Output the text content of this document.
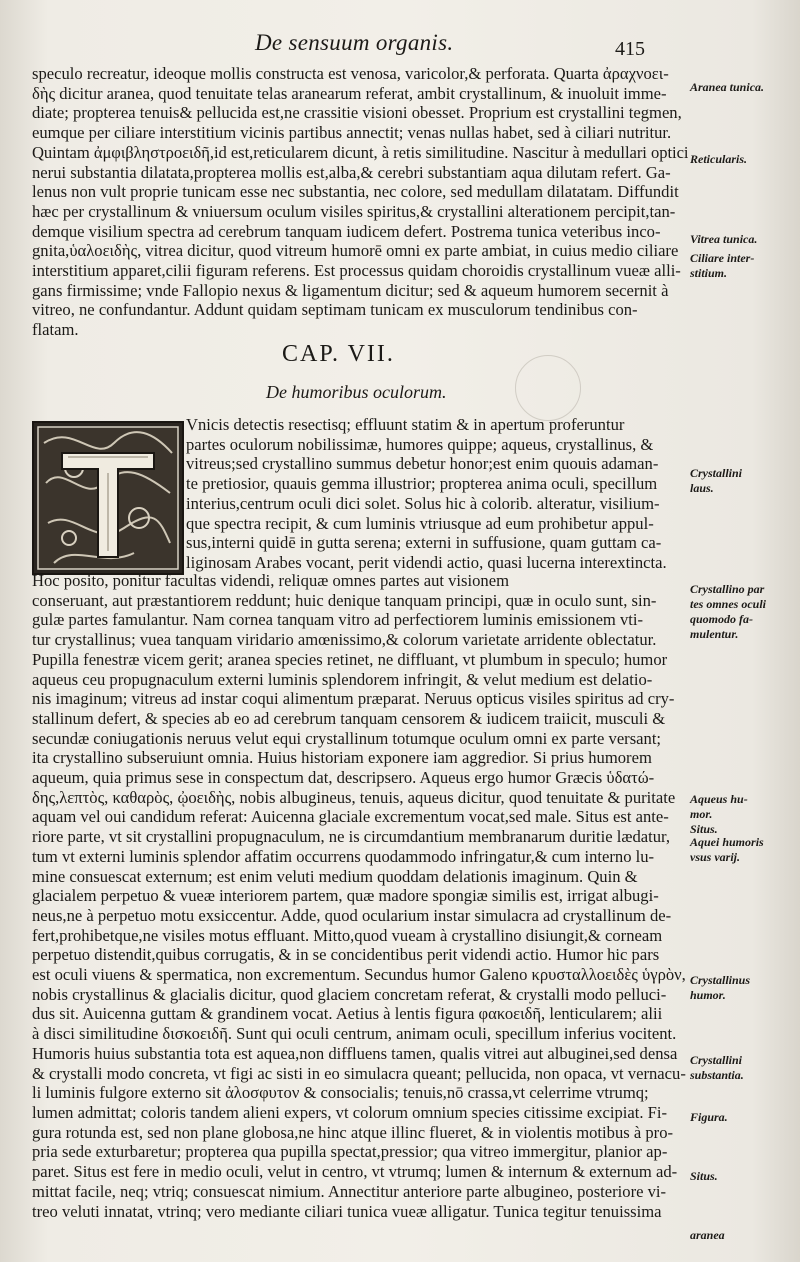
De sensuum organis.	415
speculo recreatur, ideoque mollis constructa est venosa, varicolor,& perforata. Quarta ἀραχνοει-
δὴς dicitur aranea, quod tenuitate telas aranearum referat, ambit crystallinum, & inuoluit imme-
diate; propterea tenuis& pellucida est,ne crassitie visioni obesset. Proprium est crystallini tegmen,
eumque per ciliare interstitium vicinis partibus annectit; venas nullas habet, sed à ciliari nutritur.
Quintam ἀμφιβληστροειδῆ,id est,reticularem dicunt, à retis similitudine. Nascitur à medullari optici
nerui substantia dilatata,propterea mollis est,alba,& cerebri substantiam aqua dilutam refert. Ga-
lenus non vult proprie tunicam esse nec substantia, nec colore, sed medullam dilatatam. Diffundit
hæc per crystallinum & vniuersum oculum visiles spiritus,& crystallini alterationem percipit,tan-
demque visilium spectra ad cerebrum tanquam iudicem defert. Postrema tunica veteribus inco-
gnita,ὑαλοειδὴς, vitrea dicitur, quod vitreum humorē omni ex parte ambiat, in cuius medio ciliare
interstitium apparet,cilii figuram referens. Est processus quidam choroidis crystallinum vueæ alli-
gans firmissime; vnde Fallopio nexus & ligamentum dicitur; sed & aqueum humorem secernit à
vitreo, ne confundantur. Addunt quidam septimam tunicam ex musculorum tendinibus con-
flatam.
CAP. VII.
De humoribus oculorum.
Vnicis detectis resectisq; effluunt statim & in apertum proferuntur
partes oculorum nobilissimæ, humores quippe; aqueus, crystallinus, &
vitreus;sed crystallino summus debetur honor;est enim quouis adaman-
te pretiosior, quauis gemma illustrior; propterea anima oculi, specillum
interius,centrum oculi dici solet. Solus hic à colorib. alteratur, visilium-
que spectra recipit, & cum luminis vtriusque ad eum prohibetur appul-
sus,interni quidē in gutta serena; externi in suffusione, quam guttam ca-
liginosam Arabes vocant, perit videndi actio, quasi lucerna interextincta.
Hoc posito, ponitur facultas videndi, reliquæ omnes partes aut visionem
conseruant, aut præstantiorem reddunt; huic denique tanquam principi, quæ in oculo sunt, sin-
gulæ partes famulantur. Nam cornea tanquam vitro ad perfectiorem luminis emissionem vti-
tur crystallinus; vuea tanquam viridario amœnissimo,& colorum varietate arridente oblectatur.
Pupilla fenestræ vicem gerit; aranea species retinet, ne diffluant, vt plumbum in speculo; humor
aqueus ceu propugnaculum externi luminis splendorem infringit, & velut medium est delatio-
nis imaginum; vitreus ad instar coqui alimentum præparat. Neruus opticus visiles spiritus ad cry-
stallinum defert, & species ab eo ad cerebrum tanquam censorem & iudicem traiicit, musculi &
secundæ coniugationis neruus velut equi crystallinum totumque oculum omni ex parte versant;
ita crystallino subseruiunt omnia. Huius historiam exponere iam aggredior. Si prius humorem
aqueum, quia primus sese in conspectum dat, descripsero. Aqueus ergo humor Græcis ὑδατώ-
δης,λεπτὸς, καθαρὸς, ᾠοειδὴς, nobis albugineus, tenuis, aqueus dicitur, quod tenuitate & puritate
aquam vel oui candidum referat: Auicenna glaciale excrementum vocat,sed male. Situs est ante-
riore parte, vt sit crystallini propugnaculum, ne is circumdantium membranarum duritie lædatur,
tum vt externi luminis splendor affatim occurrens quodammodo infringatur,& cum interno lu-
mine consuescat externum; est enim veluti medium quoddam delationis imaginum. Quin &
glacialem perpetuo & vueæ interiorem partem, quæ madore spongiæ similis est, irrigat albugi-
neus,ne à perpetuo motu exsiccentur. Adde, quod ocularium instar simulacra ad crystallinum de-
fert,prohibetque,ne visiles motus effluant. Mitto,quod vueam à crystallino disiungit,& corneam
perpetuo distendit,quibus corrugatis, & in se concidentibus perit videndi actio. Humor hic pars
est oculi viuens & spermatica, non excrementum. Secundus humor Galeno κρυσταλλοειδὲς ὑγρὸν,
nobis crystallinus & glacialis dicitur, quod glaciem concretam referat, & crystalli modo pelluci-
dus sit. Auicenna guttam & grandinem vocat. Aetius à lentis figura φακοειδῆ, lenticularem; alii
à disci similitudine δισκοειδῆ. Sunt qui oculi centrum, animam oculi, specillum inferius vocitent.
Humoris huius substantia tota est aquea,non diffluens tamen, qualis vitrei aut albuginei,sed densa
& crystalli modo concreta, vt figi ac sisti in eo simulacra queant; pellucida, non opaca, vt vernacu-
li luminis fulgore externo sit ἀλοσφυτον & consocialis; tenuis,nō crassa,vt celerrime vtrumq;
lumen admittat; coloris tandem alieni expers, vt colorum omnium species citissime excipiat. Fi-
gura rotunda est, sed non plane globosa,ne hinc atque illinc flueret, & in violentis motibus à pro-
pria sede exturbaretur; propterea qua pupilla spectat,pressior; qua vitreo immergitur, planior ap-
paret. Situs est fere in medio oculi, velut in centro, vt vtrumq; lumen & internum & externum ad-
mittat facile, neq; vtriq; consuescat nimium. Annectitur anteriore parte albugineo, posteriore vi-
treo veluti innatat, vtrinq; vero mediante ciliari tunica vueæ alligatur. Tunica tegitur tenuissima
Aranea tunica.
Reticularis.
Vitrea tunica.
Ciliare inter-
stitium.
Crystallini
laus.
Crystallino par
tes omnes oculi
quomodo fa-
mulentur.
Aqueus hu-
mor.
Situs.
Aquei humoris
vsus varij.
Crystallinus
humor.
Crystallini
substantia.
Figura.
Situs.
aranea
